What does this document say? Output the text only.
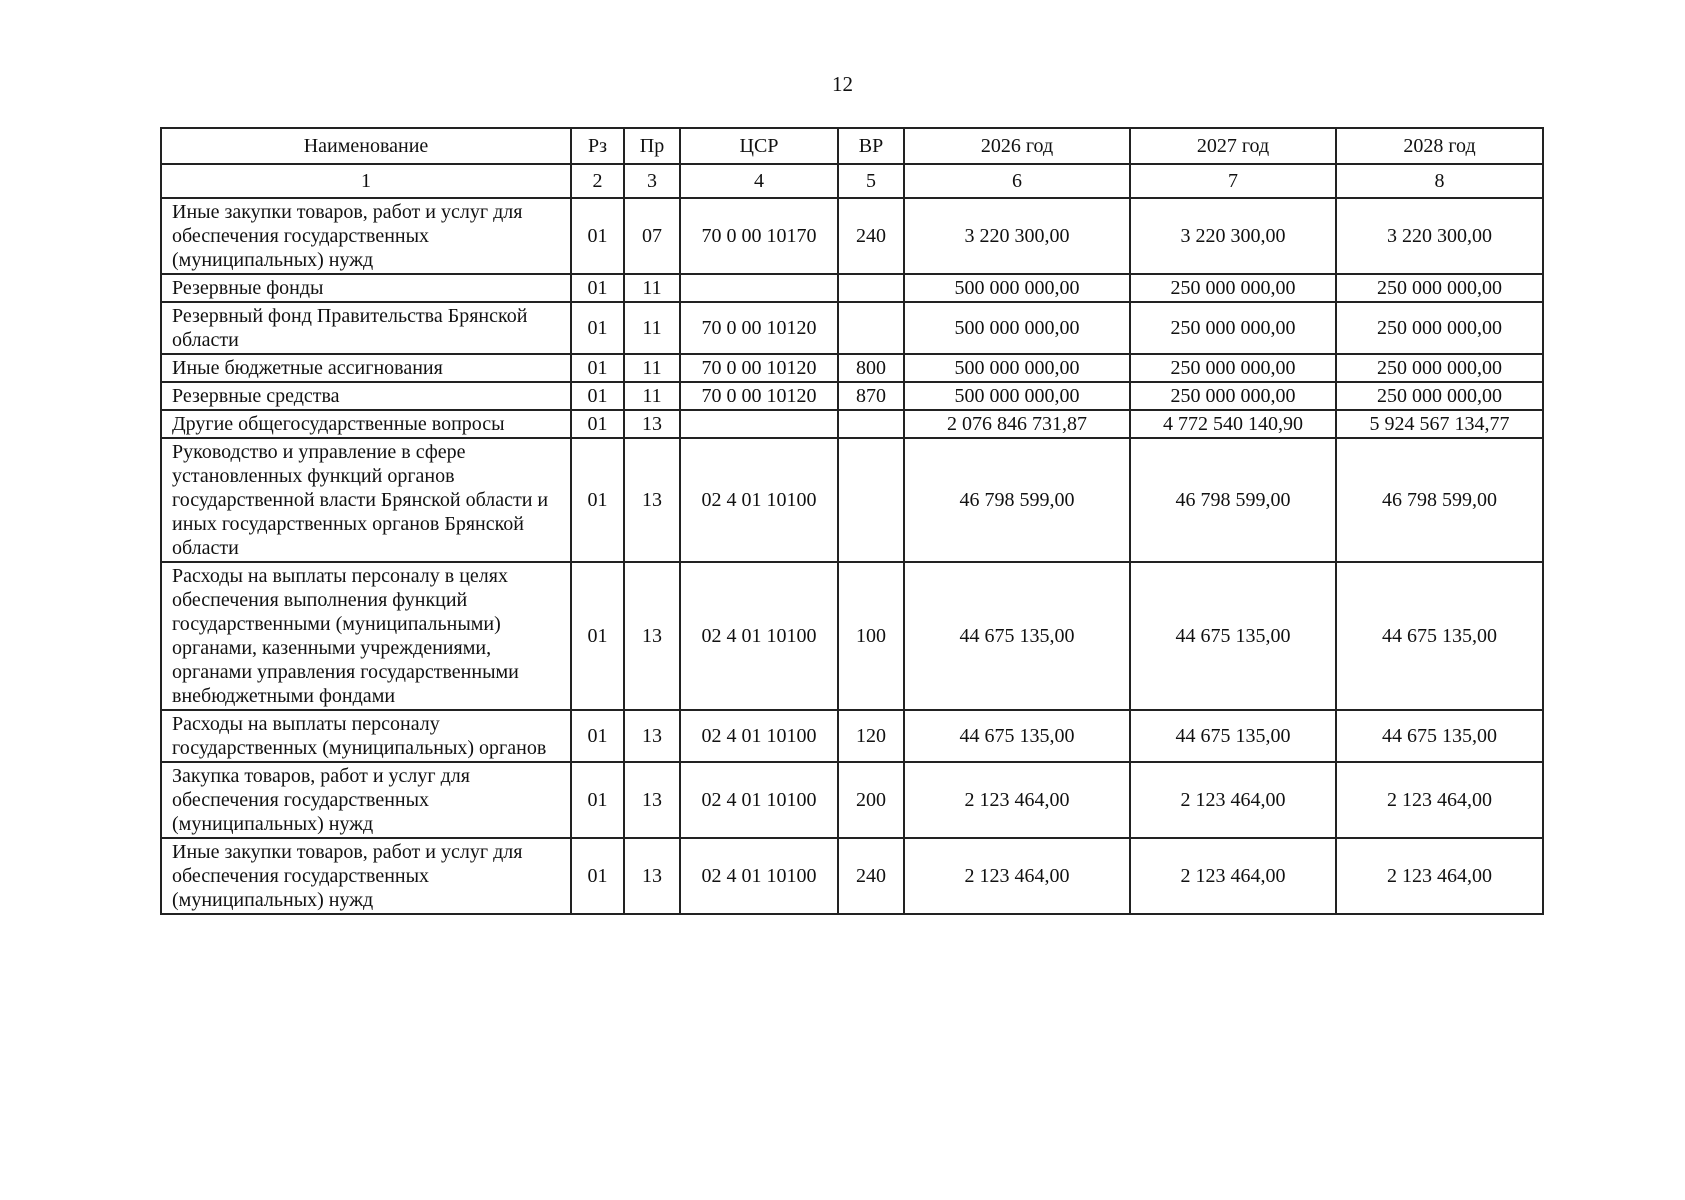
12
Наименование	Рз	Пр	ЦСР	ВР	2026 год	2027 год	2028 год
1	2	3	4	5	6	7	8
Иные закупки товаров, работ и услуг для обеспечения государственных (муниципальных) нужд	01	07	70 0 00 10170	240	3 220 300,00	3 220 300,00	3 220 300,00
Резервные фонды	01	11			500 000 000,00	250 000 000,00	250 000 000,00
Резервный фонд Правительства Брянской области	01	11	70 0 00 10120		500 000 000,00	250 000 000,00	250 000 000,00
Иные бюджетные ассигнования	01	11	70 0 00 10120	800	500 000 000,00	250 000 000,00	250 000 000,00
Резервные средства	01	11	70 0 00 10120	870	500 000 000,00	250 000 000,00	250 000 000,00
Другие общегосударственные вопросы	01	13			2 076 846 731,87	4 772 540 140,90	5 924 567 134,77
Руководство и управление в сфере установленных функций органов государственной власти Брянской области и иных государственных органов Брянской области	01	13	02 4 01 10100		46 798 599,00	46 798 599,00	46 798 599,00
Расходы на выплаты персоналу в целях обеспечения выполнения функций государственными (муниципальными) органами, казенными учреждениями, органами управления государственными внебюджетными фондами	01	13	02 4 01 10100	100	44 675 135,00	44 675 135,00	44 675 135,00
Расходы на выплаты персоналу государственных (муниципальных) органов	01	13	02 4 01 10100	120	44 675 135,00	44 675 135,00	44 675 135,00
Закупка товаров, работ и услуг для обеспечения государственных (муниципальных) нужд	01	13	02 4 01 10100	200	2 123 464,00	2 123 464,00	2 123 464,00
Иные закупки товаров, работ и услуг для обеспечения государственных (муниципальных) нужд	01	13	02 4 01 10100	240	2 123 464,00	2 123 464,00	2 123 464,00
